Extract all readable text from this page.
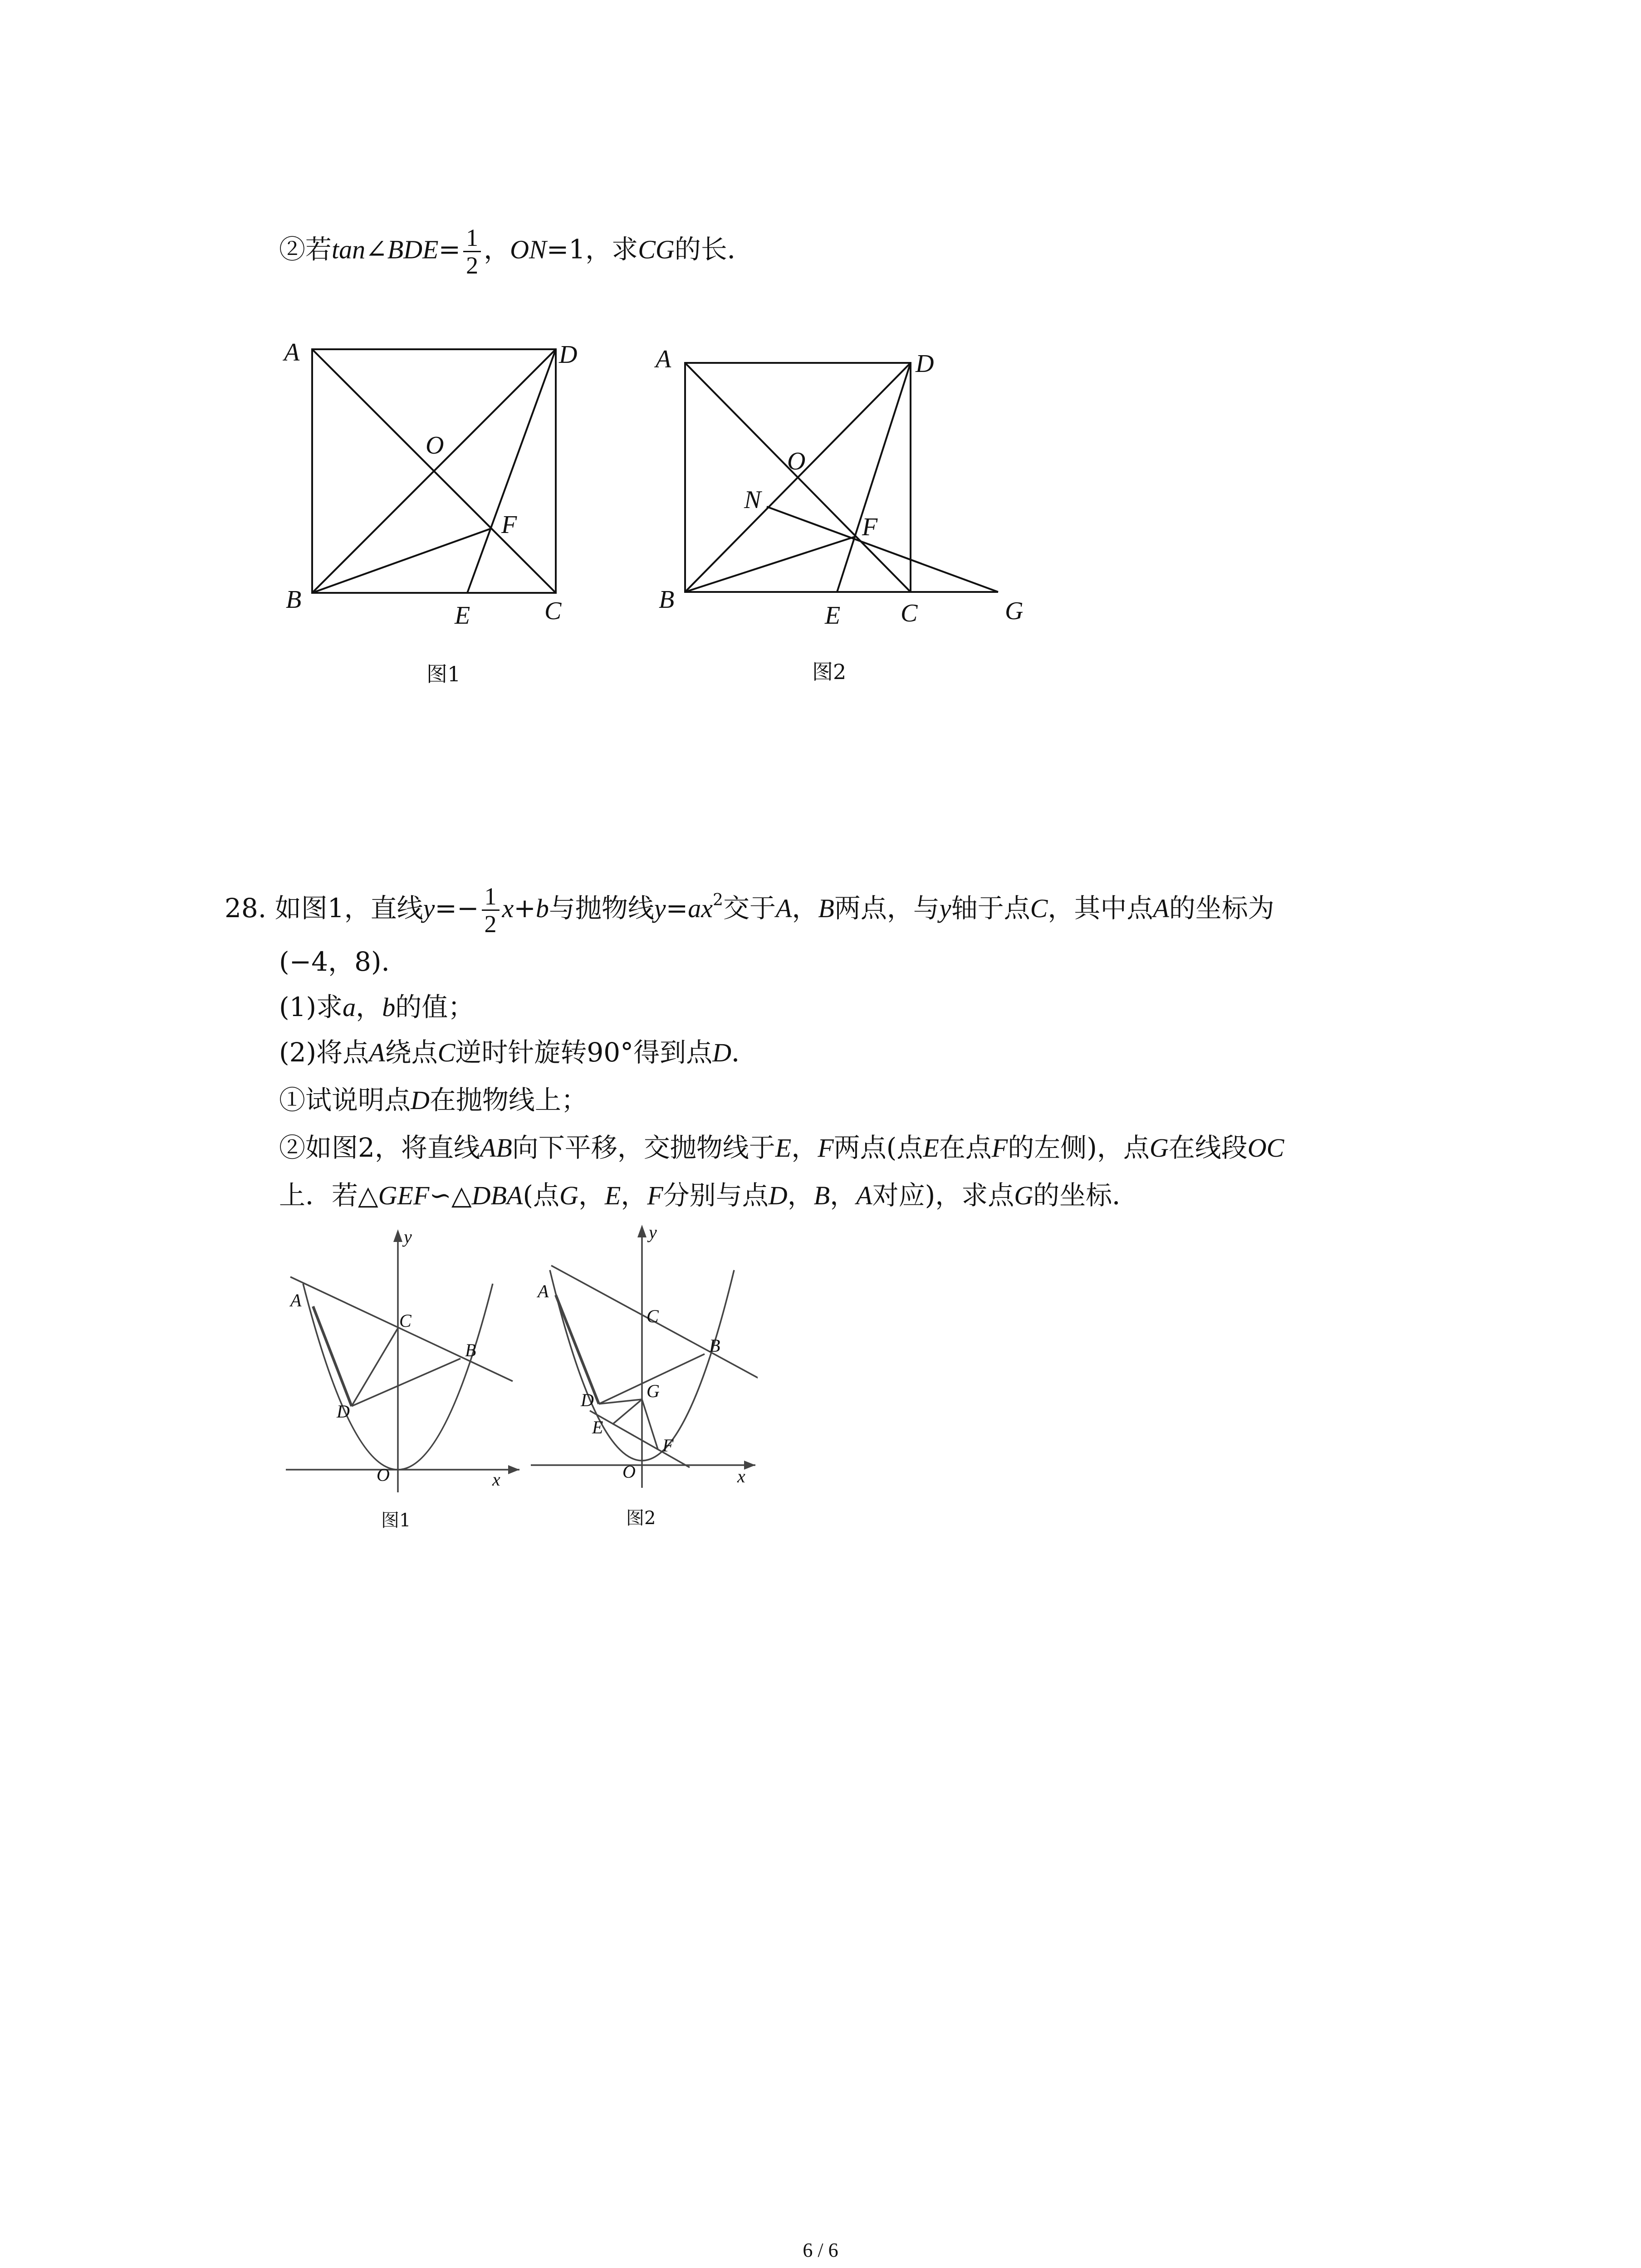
②若tan∠BDE= $\frac{1}{2}$ ，ON=1，求CG的长．
A	D
O
F
B
E	C
图1
A	D
O
N
F
B
E C	G
图2
28. 如图1，直线$y=- \frac{1}{2} x+b$与抛物线$y=ax^2$交于A，B两点，与y轴于点C，其中点A的坐标为
(−4，8)．
(1)求a，b的值；
(2)将点A绕点C逆时针旋转90°得到点D．
①试说明点D在抛物线上；
②如图2，将直线AB向下平移，交抛物线于E，F两点(点E在点F的左侧)，点G在线段OC
上．若△GEF∽△DBA(点G，E，F分别与点D，B，A对应)，求点G的坐标．
y
A
C
B
D
O	x
图1
y
A
C
B
D	G
E
F
O	x
图2
6 / 6
